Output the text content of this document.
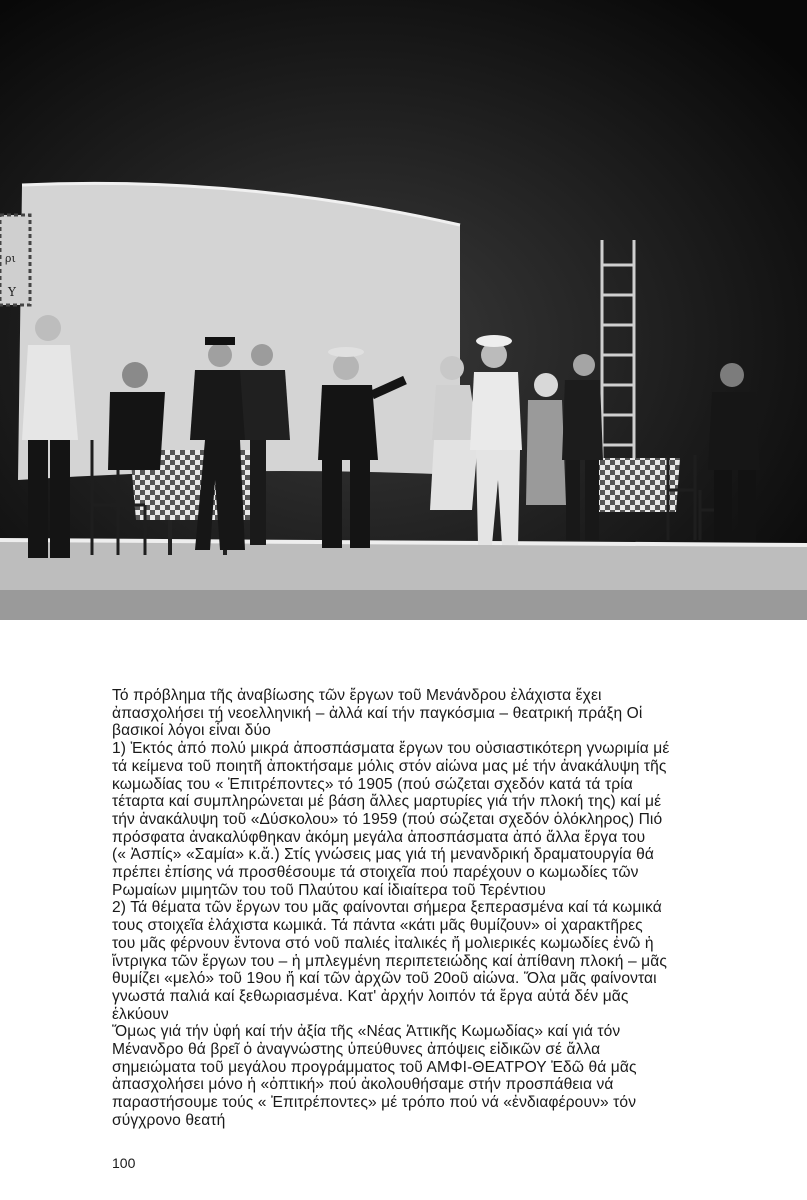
ρι
Υ
Τό πρόβλημα τῆς ἀναβίωσης τῶν ἔργων τοῦ Μενάνδρου ἐλάχιστα ἔχει
ἀπασχολήσει τή νεοελληνική – ἀλλά καί τήν παγκόσμια – θεατρική πράξη Οἱ
βασικοί λόγοι εἶναι δύο
1) Ἐκτός ἀπό πολύ μικρά ἀποσπάσματα ἔργων του οὐσιαστικότερη γνωριμία μέ
τά κείμενα τοῦ ποιητῆ ἀποκτήσαμε μόλις στόν αἰώνα μας μέ τήν ἀνακάλυψη τῆς
κωμωδίας του « Ἐπιτρέποντες» τό 1905 (πού σώζεται σχεδόν κατά τά τρία
τέταρτα καί συμπληρώνεται μέ βάση ἄλλες μαρτυρίες γιά τήν πλοκή της) καί μέ
τήν ἀνακάλυψη τοῦ «Δύσκολου» τό 1959 (πού σώζεται σχεδόν ὁλόκληρος) Πιό
πρόσφατα ἀνακαλύφθηκαν ἀκόμη μεγάλα ἀποσπάσματα ἀπό ἄλλα ἔργα του
(« Ἀσπίς» «Σαμία» κ.ἄ.) Στίς γνώσεις μας γιά τή μενανδρική δραματουργία θά
πρέπει ἐπίσης νά προσθέσουμε τά στοιχεῖα πού παρέχουν ο κωμωδίες τῶν
Ρωμαίων μιμητῶν του τοῦ Πλαύτου καί ἰδιαίτερα τοῦ Τερέντιου
2) Τά θέματα τῶν ἔργων του μᾶς φαίνονται σήμερα ξεπερασμένα καί τά κωμικά
τους στοιχεῖα ἐλάχιστα κωμικά. Τά πάντα «κάτι μᾶς θυμίζουν» οἱ χαρακτῆρες
του μᾶς φέρνουν ἔντονα στό νοῦ παλιές ἰταλικές ἤ μολιερικές κωμωδίες ἐνῶ ἡ
ἴντριγκα τῶν ἔργων του – ἡ μπλεγμένη περιπετειώδης καί ἀπίθανη πλοκή – μᾶς
θυμίζει «μελό» τοῦ 19ου ἤ καί τῶν ἀρχῶν τοῦ 20οῦ αἰώνα. Ὅλα μᾶς φαίνονται
γνωστά παλιά καί ξεθωριασμένα. Κατ' ἀρχήν λοιπόν τά ἔργα αὐτά δέν μᾶς
ἑλκύουν
Ὅμως γιά τήν ὑφή καί τήν ἀξία τῆς «Νέας Ἀττικῆς Κωμωδίας» καί γιά τόν
Μένανδρο θά βρεῖ ὁ ἀναγνώστης ὑπεύθυνες ἀπόψεις εἰδικῶν σέ ἄλλα
σημειώματα τοῦ μεγάλου προγράμματος τοῦ ΑΜΦΙ-ΘΕΑΤΡΟΥ Ἐδῶ θά μᾶς
ἀπασχολήσει μόνο ἡ «ὀπτική» πού ἀκολουθήσαμε στήν προσπάθεια νά
παραστήσουμε τούς « Ἐπιτρέποντες» μέ τρόπο πού νά «ἐνδιαφέρουν» τόν
σύγχρονο θεατή
100
